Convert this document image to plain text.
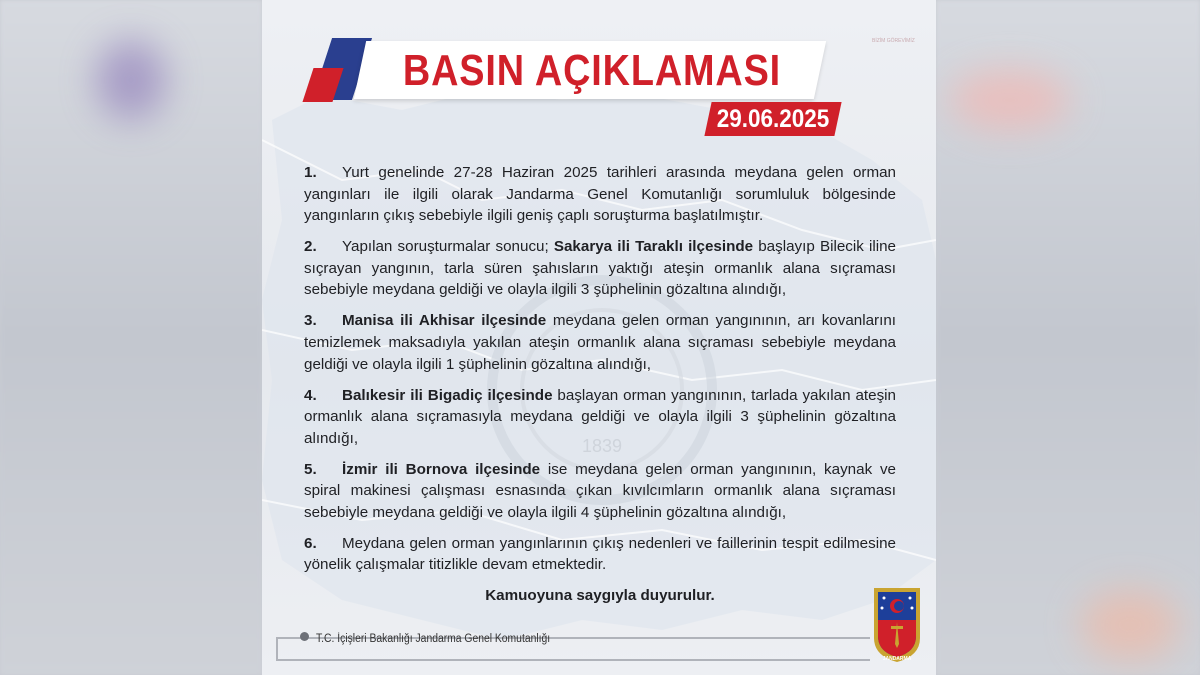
1839
BASIN AÇIKLAMASI
29.06.2025
BİZİM GÖREVİMİZ

1. Yurt genelinde 27-28 Haziran 2025 tarihleri arasında meydana gelen orman yangınları ile ilgili olarak Jandarma Genel Komutanlığı sorumluluk bölgesinde yangınların çıkış sebebiyle ilgili geniş çaplı soruşturma başlatılmıştır.

2. Yapılan soruşturmalar sonucu; Sakarya ili Taraklı ilçesinde başlayıp Bilecik iline sıçrayan yangının, tarla süren şahısların yaktığı ateşin ormanlık alana sıçraması sebebiyle meydana geldiği ve olayla ilgili 3 şüphelinin gözaltına alındığı,

3. Manisa ili Akhisar ilçesinde meydana gelen orman yangınının, arı kovanlarını temizlemek maksadıyla yakılan ateşin ormanlık alana sıçraması sebebiyle meydana geldiği ve olayla ilgili 1 şüphelinin gözaltına alındığı,

4. Balıkesir ili Bigadiç ilçesinde başlayan orman yangınının, tarlada yakılan ateşin ormanlık alana sıçramasıyla meydana geldiği ve olayla ilgili 3 şüphelinin gözaltına alındığı,

5. İzmir ili Bornova ilçesinde ise meydana gelen orman yangınının, kaynak ve spiral makinesi çalışması esnasında çıkan kıvılcımların ormanlık alana sıçraması sebebiyle meydana geldiği ve olayla ilgili 4 şüphelinin gözaltına alındığı,

6. Meydana gelen orman yangınlarının çıkış nedenleri ve faillerinin tespit edilmesine yönelik çalışmalar titizlikle devam etmektedir.

Kamuoyuna saygıyla duyurulur.
T.C. İçişleri Bakanlığı Jandarma Genel Komutanlığı
JANDARMA
